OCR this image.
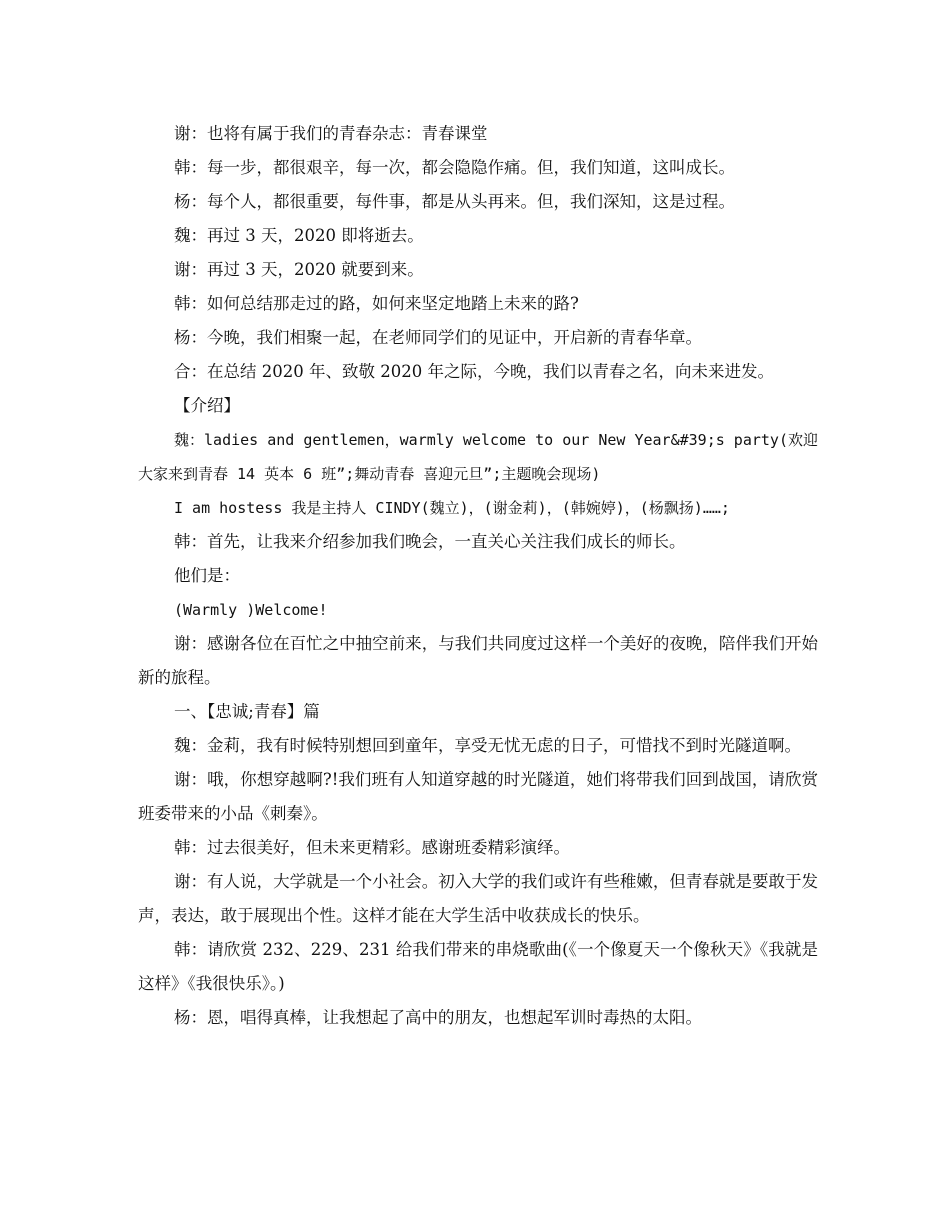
谢：也将有属于我们的青春杂志：青春课堂

韩：每一步，都很艰辛，每一次，都会隐隐作痛。但，我们知道，这叫成长。

杨：每个人，都很重要，每件事，都是从头再来。但，我们深知，这是过程。

魏：再过 3 天，2020 即将逝去。

谢：再过 3 天，2020 就要到来。

韩：如何总结那走过的路，如何来坚定地踏上未来的路?

杨：今晚，我们相聚一起，在老师同学们的见证中，开启新的青春华章。

合：在总结 2020 年、致敬 2020 年之际，今晚，我们以青春之名，向未来进发。

【介绍】

魏：ladies and gentlemen，warmly welcome to our New Year&#39;s party(欢迎大家来到青春 14 英本 6 班”;舞动青春 喜迎元旦”;主题晚会现场)

I am hostess 我是主持人 CINDY(魏立)，(谢金莉)，(韩婉婷)，(杨飘扬)……;

韩：首先，让我来介绍参加我们晚会，一直关心关注我们成长的师长。

他们是：

(Warmly )Welcome!

谢：感谢各位在百忙之中抽空前来，与我们共同度过这样一个美好的夜晚，陪伴我们开始新的旅程。

一、【忠诚;青春】篇

魏：金莉，我有时候特别想回到童年，享受无忧无虑的日子，可惜找不到时光隧道啊。

谢：哦，你想穿越啊?!我们班有人知道穿越的时光隧道，她们将带我们回到战国，请欣赏班委带来的小品《刺秦》。

韩：过去很美好，但未来更精彩。感谢班委精彩演绎。

谢：有人说，大学就是一个小社会。初入大学的我们或许有些稚嫩，但青春就是要敢于发声，表达，敢于展现出个性。这样才能在大学生活中收获成长的快乐。

韩：请欣赏 232、229、231 给我们带来的串烧歌曲(《一个像夏天一个像秋天》《我就是这样》《我很快乐》。)

杨：恩，唱得真棒，让我想起了高中的朋友，也想起军训时毒热的太阳。
